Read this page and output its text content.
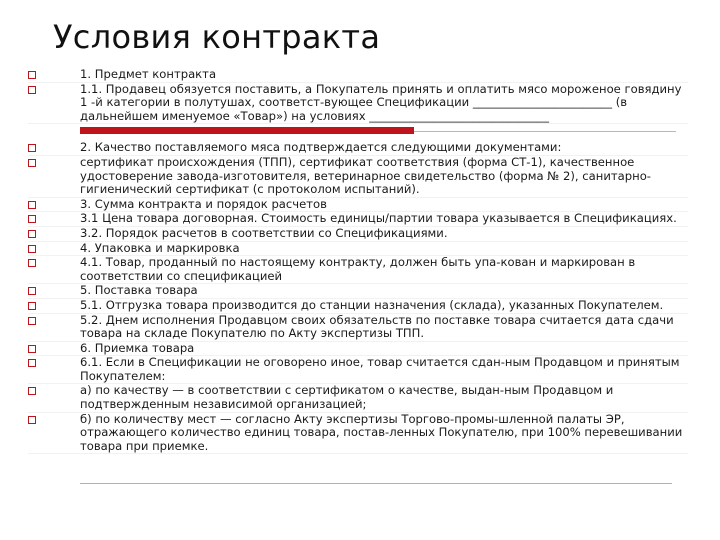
Условия контракта
1. Предмет контракта
1.1. Продавец обязуется поставить, а Покупатель принять и оплатить мясо мороженое говядину 1 -й категории в полутушах, соответст-вующее Спецификации ________________________ (в дальнейшем именуемое «Товар») на условиях _______________________________
2. Качество поставляемого мяса подтверждается следующими документами:
сертификат происхождения (ТПП), сертификат соответствия (форма СТ-1), качественное удостоверение завода-изготовителя, ветеринарное свидетельство (форма № 2), санитарно-гигиенический сертификат (с протоколом испытаний).
3. Сумма контракта и порядок расчетов
3.1 Цена товара договорная. Стоимость единицы/партии товара указывается в Спецификациях.
3.2. Порядок расчетов в соответствии со Спецификациями.
4. Упаковка и маркировка
4.1. Товар, проданный по настоящему контракту, должен быть упа-кован и маркирован в соответствии со спецификацией
5. Поставка товара
5.1. Отгрузка товара производится до станции назначения (склада), указанных Покупателем.
5.2. Днем исполнения Продавцом своих обязательств по поставке товара считается дата сдачи товара на складе Покупателю по Акту экспертизы ТПП.
6. Приемка товара
6.1. Если в Спецификации не оговорено иное, товар считается сдан-ным Продавцом и принятым Покупателем:
а) по качеству — в соответствии с сертификатом о качестве, выдан-ным Продавцом и подтвержденным независимой организацией;
б) по количеству мест — согласно Акту экспертизы Торгово-промы-шленной палаты ЭР, отражающего количество единиц товара, постав-ленных Покупателю, при 100% перевешивании товара при приемке.
